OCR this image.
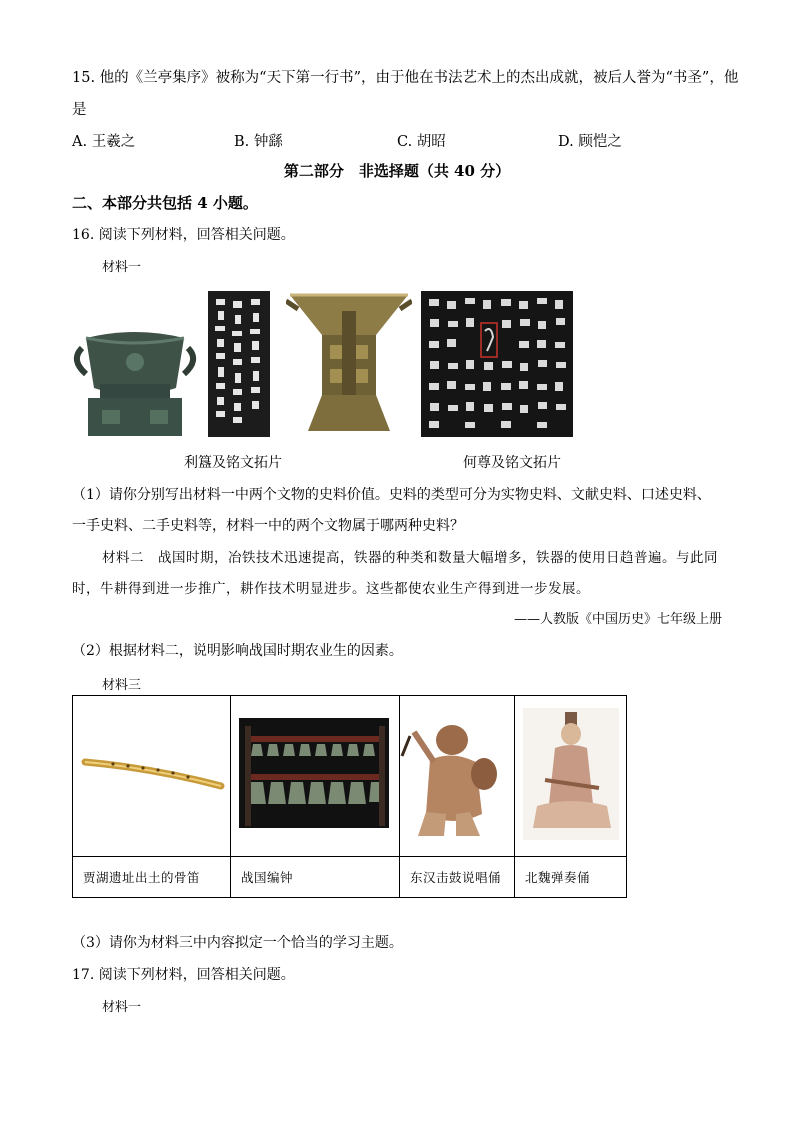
15. 他的《兰亭集序》被称为“天下第一行书”，由于他在书法艺术上的杰出成就，被后人誉为“书圣”，他
是
A. 王羲之	B. 钟繇	C. 胡昭	D. 顾恺之
第二部分　非选择题（共 40 分）
二、本部分共包括 4 小题。
16. 阅读下列材料，回答相关问题。
材料一
利簋及铭文拓片	何尊及铭文拓片
（1）请你分别写出材料一中两个文物的史料价值。史料的类型可分为实物史料、文献史料、口述史料、
一手史料、二手史料等，材料一中的两个文物属于哪两种史料？
材料二　战国时期，冶铁技术迅速提高，铁器的种类和数量大幅增多，铁器的使用日趋普遍。与此同
时，牛耕得到进一步推广，耕作技术明显进步。这些都使农业生产得到进一步发展。
——人教版《中国历史》七年级上册
（2）根据材料二，说明影响战国时期农业生的因素。
材料三

贾湖遗址出土的骨笛	战国编钟	东汉击鼓说唱俑	北魏弹奏俑
（3）请你为材料三中内容拟定一个恰当的学习主题。
17. 阅读下列材料，回答相关问题。
材料一
